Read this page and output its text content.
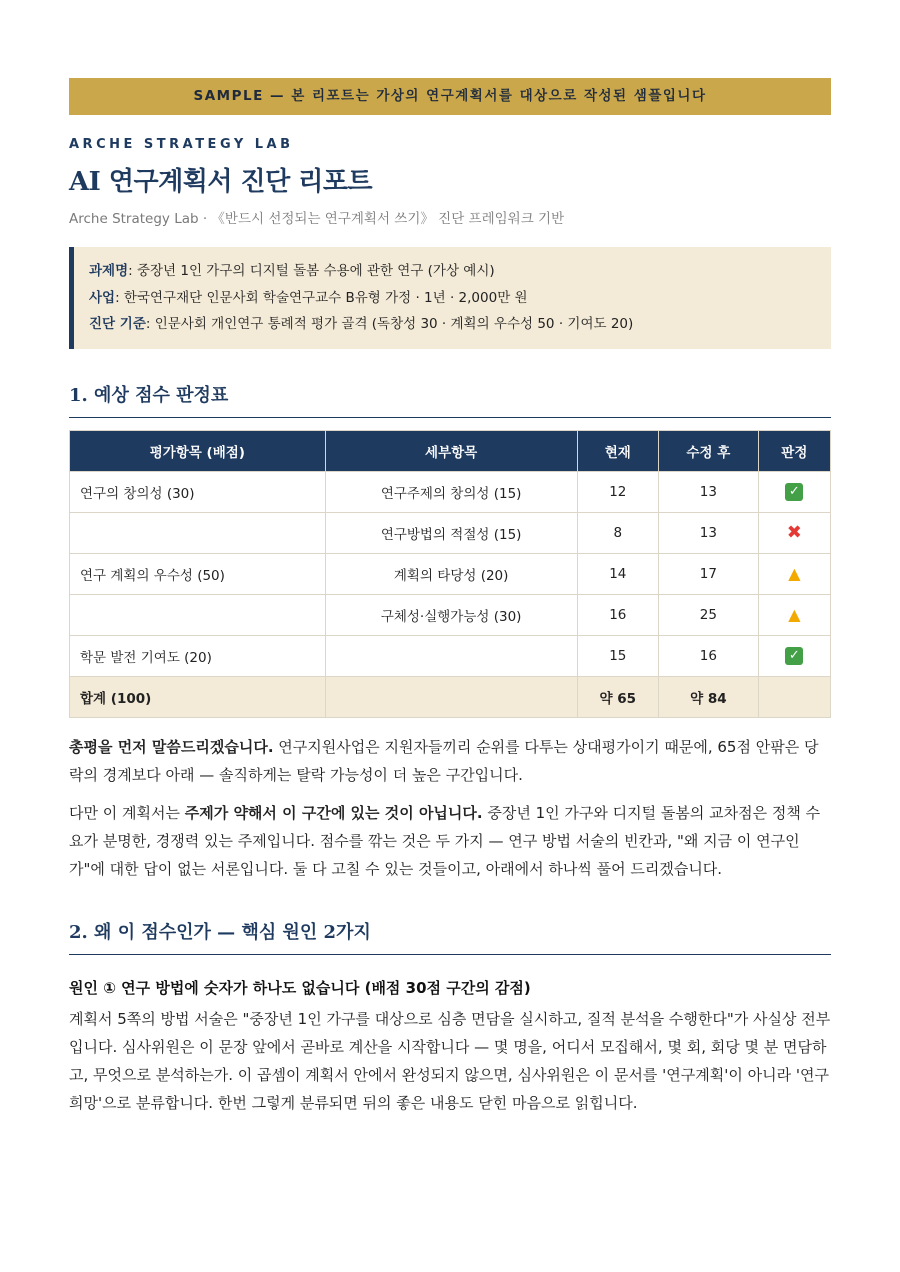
SAMPLE — 본 리포트는 가상의 연구계획서를 대상으로 작성된 샘플입니다
ARCHE STRATEGY LAB
AI 연구계획서 진단 리포트
Arche Strategy Lab · 《반드시 선정되는 연구계획서 쓰기》 진단 프레임워크 기반
과제명: 중장년 1인 가구의 디지털 돌봄 수용에 관한 연구 (가상 예시)
사업: 한국연구재단 인문사회 학술연구교수 B유형 가정 · 1년 · 2,000만 원
진단 기준: 인문사회 개인연구 통례적 평가 골격 (독창성 30 · 계획의 우수성 50 · 기여도 20)
1. 예상 점수 판정표
평가항목 (배점)	세부항목	현재	수정 후	판정
연구의 창의성 (30)	연구주제의 창의성 (15)	12	13	✓
	연구방법의 적절성 (15)	8	13	✖
연구 계획의 우수성 (50)	계획의 타당성 (20)	14	17	▲
	구체성·실행가능성 (30)	16	25	▲
학문 발전 기여도 (20)		15	16	✓
합계 (100)		약 65	약 84	

총평을 먼저 말씀드리겠습니다. 연구지원사업은 지원자들끼리 순위를 다투는 상대평가이기 때문에, 65점 안팎은 당락의 경계보다 아래 — 솔직하게는 탈락 가능성이 더 높은 구간입니다.

다만 이 계획서는 주제가 약해서 이 구간에 있는 것이 아닙니다. 중장년 1인 가구와 디지털 돌봄의 교차점은 정책 수요가 분명한, 경쟁력 있는 주제입니다. 점수를 깎는 것은 두 가지 — 연구 방법 서술의 빈칸과, "왜 지금 이 연구인가"에 대한 답이 없는 서론입니다. 둘 다 고칠 수 있는 것들이고, 아래에서 하나씩 풀어 드리겠습니다.

2. 왜 이 점수인가 — 핵심 원인 2가지
원인 ① 연구 방법에 숫자가 하나도 없습니다 (배점 30점 구간의 감점)

계획서 5쪽의 방법 서술은 "중장년 1인 가구를 대상으로 심층 면담을 실시하고, 질적 분석을 수행한다"가 사실상 전부입니다. 심사위원은 이 문장 앞에서 곧바로 계산을 시작합니다 — 몇 명을, 어디서 모집해서, 몇 회, 회당 몇 분 면담하고, 무엇으로 분석하는가. 이 곱셈이 계획서 안에서 완성되지 않으면, 심사위원은 이 문서를 '연구계획'이 아니라 '연구 희망'으로 분류합니다. 한번 그렇게 분류되면 뒤의 좋은 내용도 닫힌 마음으로 읽힙니다.
